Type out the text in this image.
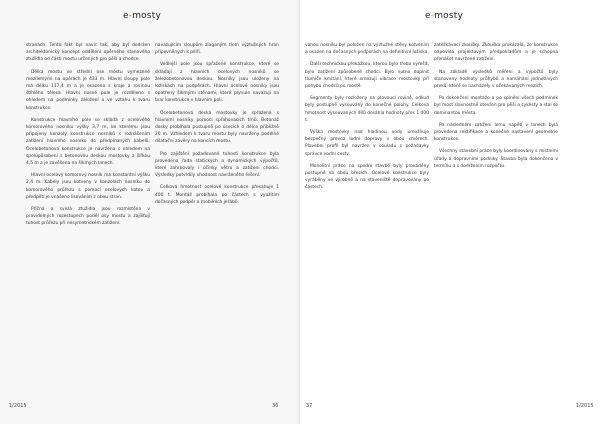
e-mosty

stranách. Tento fakt byl navíc tak, aby byl dodržen architektonický koncept oddělení opěrného stanového ztužidla od části mostu určených pro pěší a chodce.

Délka mostu ve střední ose mostu vymezené mezilehlými na opěrách je 433 m. Hlavní sloupy pole má délku 117,4 m a je osazeno s kraje a rovinou štíhlého tělesa. Hlavní nosné pole je rozděleno s ohledem na podmínky založení a ve vztahu k tvaru konstrukce.

Konstrukce hlavního pole se skládá z ocelového komorového nosníku výšky 3,7 m, ke kterému jsou připojeny konzoly konstrukce nosníků s roznášením zatížení hlavního nosníku do předpínaných kabelů. Ocelobetonová konstrukce je navržena s ohledem na spolupůsobení s betonovou deskou mostovky a šířkou 4,5 m a je zavěšena na šikmých lanech.

Hlavní ocelový komorový nosník má konstantní výšku 2,4 m. Kabely jsou kotveny v konzolách nosníku do komorového průřezu s pomocí ocelových kotev a předpětí je vnášeno lisováním z obou stran.

Příčná a svislá ztužidla jsou rozmístěna v pravidelných rozestupech podél osy mostu a zajišťují tuhost průřezu při nesymetrickém zatížení.

navazujícím sloupům zlaganým tlem výztužných hran připevněných k pilíři.

Vedlejší pole jsou spřažené konstrukce, které se skládají z hlavních ocelových nosníků se železobetonovou deskou. Nosníky jsou uloženy na ložiskách na podpěrách. Hlavní ocelové nosníky jsou opatřeny šikmými stěnami, které plynule navazují na tvar konstrukce v hlavním poli.

Ocelobetonová deska mostovky je spřažena s hlavními nosníky pomocí spřahovacích trnů. Betonáž desky probíhala postupně po úsecích o délce přibližně 20 m. Vzhledem k tvaru mostu byly navrženy podélné dilatační závěry na koncích mostu.

Pro zajištění požadované tuhosti konstrukce byla provedena řada statických a dynamických výpočtů, které zahrnovaly i účinky větru a zatížení chodci. Výsledky potvrdily vhodnost navrženého řešení.

Celková hmotnost ocelové konstrukce přesahuje 1 400 t. Montáž probíhala po částech s využitím dočasných podpěr a mobilních jeřábů.

1/2015	36
e-mosty

vahou nosníku byl položen na výztužné stěny kotvením a osazen na dočasných podporách na definitivní ložiska.

Další technickou překážkou, kterou bylo třeba vyřešit, bylo zatížení způsobené chodci. Bylo nutno doplnit tlumiče kmitání, které omezují vibrace mostovky při pohybu chodců po mostě.

Segmenty byly rozloženy na plovoucí rovině, odkud byly postupně vysouvány do konečné polohy. Celková hmotnost vysouvaných dílů dosáhla hodnoty přes 1 400 t.

Výška mostovky nad hladinou vody umožňuje bezpečný provoz lodní dopravy v obou směrech. Plavební profil byl navržen v souladu s požadavky správce vodní cesty.

Monolitní práce na spodní stavbě byly prováděny postupně na obou březích. Ocelové konstrukce byly vyráběny ve výrobně a na staveniště dopravovány po částech.

zatěžkávací zkoušky. Zkouška prokázala, že konstrukce odpovídá projektovým předpokladům a je schopna přenášet navržené zatížení.

Na základě výsledků měření a výpočtů byly stanoveny hodnoty průhybů a namáhání jednotlivých prvků, které se nacházely v očekávaných mezích.

Po dokončení montáže a po splnění všech podmínek byl most slavnostně otevřen pro pěší a cyklisty a stal se dominantou města.

Po následném zatížení lomu napětí v lanech byla provedena rektifikace a konečné nastavení geometrie konstrukce.

Všechny stavební práce byly koordinovány s místními úřady a dopravními podniky. Stavba byla dokončena v termínu a s dodržením rozpočtu.

37	1/2015
